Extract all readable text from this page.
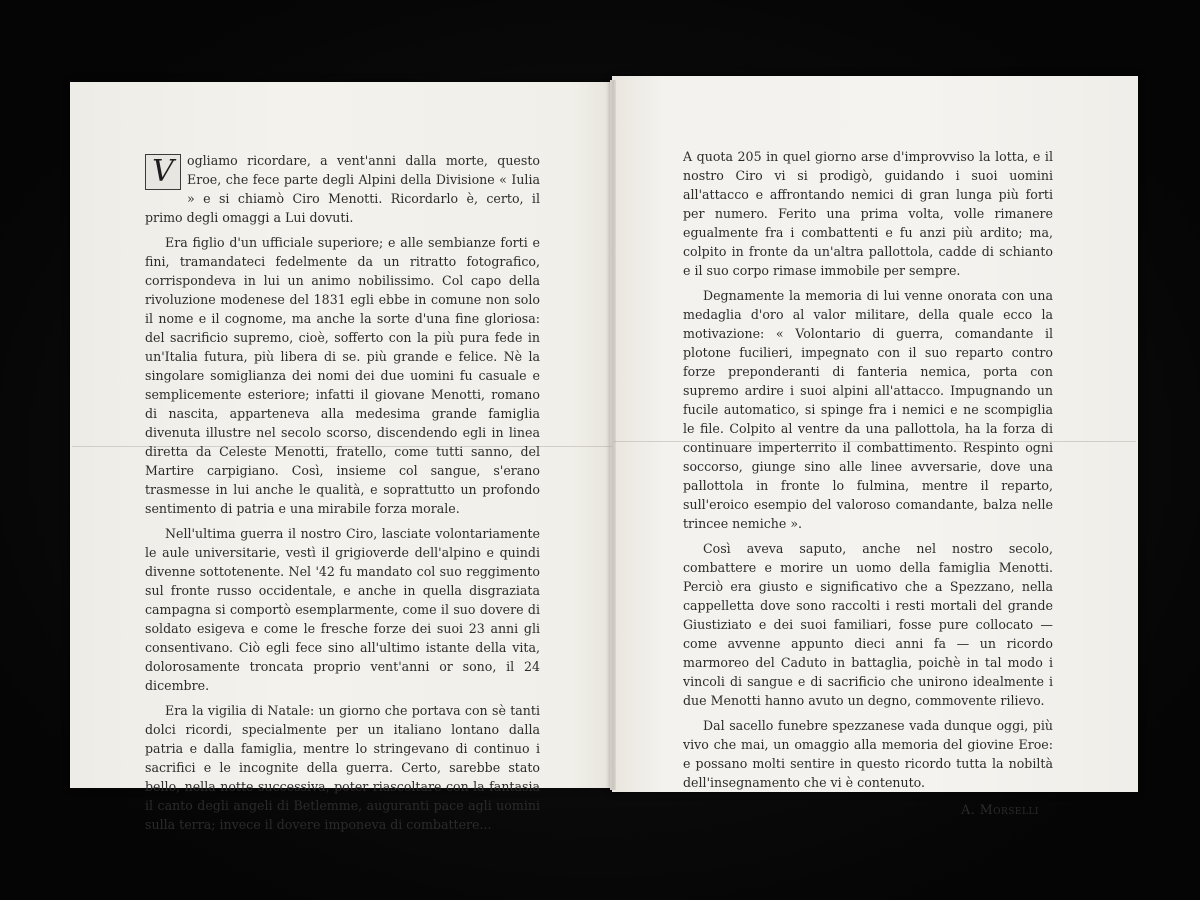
V	ogliamo ricordare, a vent'anni dalla morte, questo Eroe, che fece parte degli Alpini della Divisione « Iulia » e si chiamò Ciro Menotti. Ricordarlo è, certo, il primo degli omaggi a Lui dovuti.

Era figlio d'un ufficiale superiore; e alle sembianze forti e fini, tramandateci fedelmente da un ritratto fotografico, corrispondeva in lui un animo nobilissimo. Col capo della rivoluzione modenese del 1831 egli ebbe in comune non solo il nome e il cognome, ma anche la sorte d'una fine gloriosa: del sacrificio supremo, cioè, sofferto con la più pura fede in un'Italia futura, più libera di se. più grande e felice. Nè la singolare somiglianza dei nomi dei due uomini fu casuale e semplicemente esteriore; infatti il giovane Menotti, romano di nascita, apparteneva alla medesima grande famiglia divenuta illustre nel secolo scorso, discendendo egli in linea diretta da Celeste Menotti, fratello, come tutti sanno, del Martire carpigiano. Così, insieme col sangue, s'erano trasmesse in lui anche le qualità, e soprattutto un profondo sentimento di patria e una mirabile forza morale.

Nell'ultima guerra il nostro Ciro, lasciate volontariamente le aule universitarie, vestì il grigioverde dell'alpino e quindi divenne sottotenente. Nel '42 fu mandato col suo reggimento sul fronte russo occidentale, e anche in quella disgraziata campagna si comportò esemplarmente, come il suo dovere di soldato esigeva e come le fresche forze dei suoi 23 anni gli consentivano. Ciò egli fece sino all'ultimo istante della vita, dolorosamente troncata proprio vent'anni or sono, il 24 dicembre.

Era la vigilia di Natale: un giorno che portava con sè tanti dolci ricordi, specialmente per un italiano lontano dalla patria e dalla famiglia, mentre lo stringevano di continuo i sacrifici e le incognite della guerra. Certo, sarebbe stato bello, nella notte successiva, poter riascoltare con la fantasia il canto degli angeli di Betlemme, auguranti pace agli uomini sulla terra; invece il dovere imponeva di combattere...

A quota 205 in quel giorno arse d'improvviso la lotta, e il nostro Ciro vi si prodigò, guidando i suoi uomini all'attacco e affrontando nemici di gran lunga più forti per numero. Ferito una prima volta, volle rimanere egualmente fra i combattenti e fu anzi più ardito; ma, colpito in fronte da un'altra pallottola, cadde di schianto e il suo corpo rimase immobile per sempre.

Degnamente la memoria di lui venne onorata con una medaglia d'oro al valor militare, della quale ecco la motivazione: « Volontario di guerra, comandante il plotone fucilieri, impegnato con il suo reparto contro forze preponderanti di fanteria nemica, porta con supremo ardire i suoi alpini all'attacco. Impugnando un fucile automatico, si spinge fra i nemici e ne scompiglia le file. Colpito al ventre da una pallottola, ha la forza di continuare imperterrito il combattimento. Respinto ogni soccorso, giunge sino alle linee avversarie, dove una pallottola in fronte lo fulmina, mentre il reparto, sull'eroico esempio del valoroso comandante, balza nelle trincee nemiche ».

Così aveva saputo, anche nel nostro secolo, combattere e morire un uomo della famiglia Menotti. Perciò era giusto e significativo che a Spezzano, nella cappelletta dove sono raccolti i resti mortali del grande Giustiziato e dei suoi familiari, fosse pure collocato — come avvenne appunto dieci anni fa — un ricordo marmoreo del Caduto in battaglia, poichè in tal modo i vincoli di sangue e di sacrificio che unirono idealmente i due Menotti hanno avuto un degno, commovente rilievo.

Dal sacello funebre spezzanese vada dunque oggi, più vivo che mai, un omaggio alla memoria del giovine Eroe: e possano molti sentire in questo ricordo tutta la nobiltà dell'insegnamento che vi è contenuto.

A. Morselli
